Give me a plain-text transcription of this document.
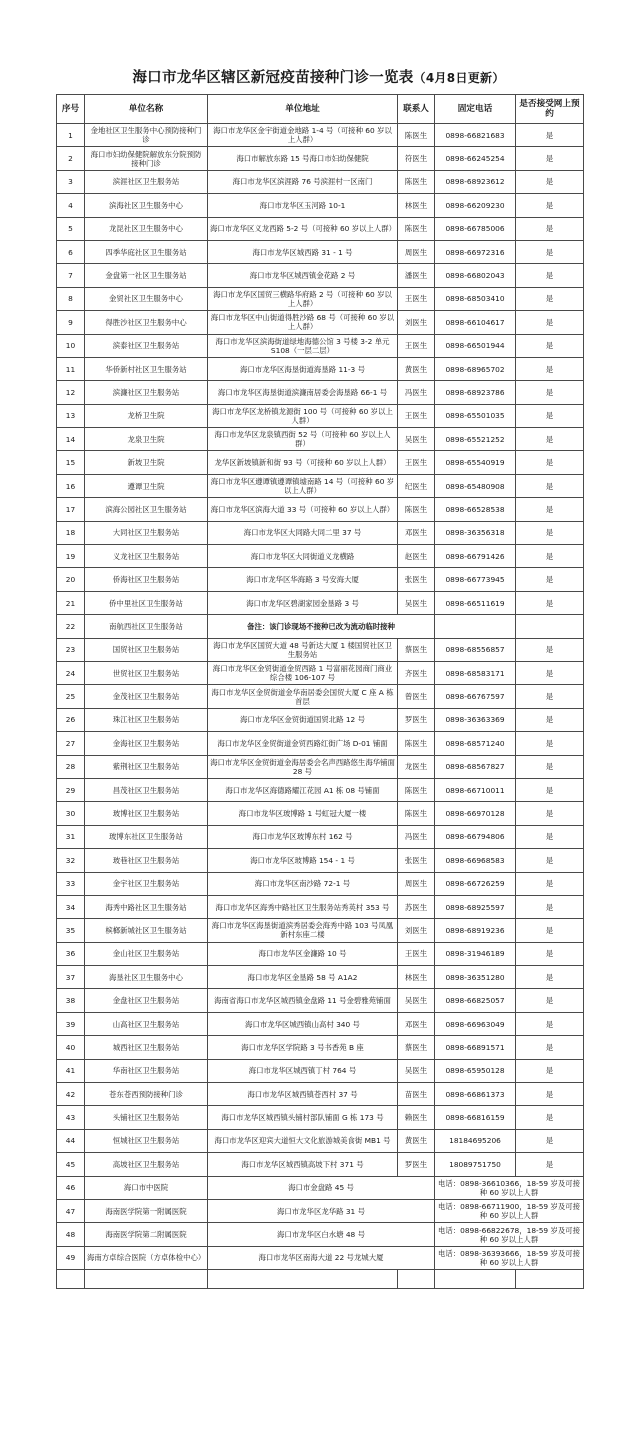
海口市龙华区辖区新冠疫苗接种门诊一览表（4月8日更新）
序号	单位名称	单位地址	联系人	固定电话	是否接受网上预约
1	金地社区卫生服务中心预防接种门诊	海口市龙华区金宇街道金地路 1-4 号（可接种 60 岁以上人群）	陈医生	0898-66821683	是
2	海口市妇幼保健院解放东分院预防接种门诊	海口市解放东路 15 号海口市妇幼保健院	符医生	0898-66245254	是
3	滨涯社区卫生服务站	海口市龙华区滨涯路 76 号滨涯村一区南门	陈医生	0898-68923612	是
4	滨海社区卫生服务中心	海口市龙华区玉河路 10-1	林医生	0898-66209230	是
5	龙昆社区卫生服务中心	海口市龙华区义龙西路 5-2 号（可接种 60 岁以上人群）	陈医生	0898-66785006	是
6	四季华庭社区卫生服务站	海口市龙华区城西路 31 - 1 号	周医生	0898-66972316	是
7	金盘第一社区卫生服务站	海口市龙华区城西镇金花路 2 号	潘医生	0898-66802043	是
8	金贸社区卫生服务中心	海口市龙华区国贸三横路华府路 2 号（可接种 60 岁以上人群）	王医生	0898-68503410	是
9	得胜沙社区卫生服务中心	海口市龙华区中山街道得胜沙路 68 号（可接种 60 岁以上人群）	刘医生	0898-66104617	是
10	滨泰社区卫生服务站	海口市龙华区滨海街道绿地海德公馆 3 号楼 3-2 单元 S108（一层二层）	王医生	0898-66501944	是
11	华侨新村社区卫生服务站	海口市龙华区海垦街道海垦路 11-3 号	黄医生	0898-68965702	是
12	滨濂社区卫生服务站	海口市龙华区海垦街道滨濂南居委会海垦路 66-1 号	冯医生	0898-68923786	是
13	龙桥卫生院	海口市龙华区龙桥镇龙源街 100 号（可接种 60 岁以上人群）	王医生	0898-65501035	是
14	龙泉卫生院	海口市龙华区龙泉镇西街 52 号（可接种 60 岁以上人群）	吴医生	0898-65521252	是
15	新坡卫生院	龙华区新坡镇新和街 93 号（可接种 60 岁以上人群）	王医生	0898-65540919	是
16	遵谭卫生院	海口市龙华区遵谭镇遵谭镇墟南路 14 号（可接种 60 岁以上人群）	纪医生	0898-65480908	是
17	滨海公园社区卫生服务站	海口市龙华区滨海大道 33 号（可接种 60 岁以上人群）	陈医生	0898-66528538	是
18	大同社区卫生服务站	海口市龙华区大同路大同二里 37 号	邓医生	0898-36356318	是
19	义龙社区卫生服务站	海口市龙华区大同街道义龙横路	赵医生	0898-66791426	是
20	侨海社区卫生服务站	海口市龙华区华海路 3 号安海大厦	张医生	0898-66773945	是
21	侨中里社区卫生服务站	海口市龙华区碧湖家园金垦路 3 号	吴医生	0898-66511619	是
22	南航西社区卫生服务站	备注：该门诊现场不接种已改为流动临时接种			
23	国贸社区卫生服务站	海口市龙华区国贸大道 48 号新达大厦 1 楼国贸社区卫生服务站	蔡医生	0898-68556857	是
24	世贸社区卫生服务站	海口市龙华区金贸街道金贸西路 1 号富丽花园商门商业综合楼 106-107 号	齐医生	0898-68583171	是
25	金茂社区卫生服务站	海口市龙华区金贸街道金华南居委会国贸大厦 C 座 A 栋首层	曾医生	0898-66767597	是
26	珠江社区卫生服务站	海口市龙华区金贸街道国贸北路 12 号	罗医生	0898-36363369	是
27	金海社区卫生服务站	海口市龙华区金贸街道金贸西路红街广场 D-01 铺面	陈医生	0898-68571240	是
28	紫荆社区卫生服务站	海口市龙华区金贸街道金海居委会名声西路悠生海华铺面 28 号	龙医生	0898-68567827	是
29	昌茂社区卫生服务站	海口市龙华区海德路耀江花园 A1 栋 08 号铺面	陈医生	0898-66710011	是
30	玻博社区卫生服务站	海口市龙华区玻博路 1 号虹冠大厦一楼	陈医生	0898-66970128	是
31	玻博东社区卫生服务站	海口市龙华区玻博东村 162 号	冯医生	0898-66794806	是
32	玻巷社区卫生服务站	海口市龙华区玻博路 154 - 1 号	张医生	0898-66968583	是
33	金宇社区卫生服务站	海口市龙华区南沙路 72-1 号	周医生	0898-66726259	是
34	海秀中路社区卫生服务站	海口市龙华区海秀中路社区卫生服务站秀英村 353 号	苏医生	0898-68925597	是
35	槟榔新城社区卫生服务站	海口市龙华区海垦街道滨秀居委会海秀中路 103 号凤凰新村东座二楼	刘医生	0898-68919236	是
36	金山社区卫生服务站	海口市龙华区金濂路 10 号	王医生	0898-31946189	是
37	海垦社区卫生服务中心	海口市龙华区金垦路 58 号 A1A2	林医生	0898-36351280	是
38	金盘社区卫生服务站	海南省海口市龙华区城西镇金盘路 11 号金碧雅苑铺面	吴医生	0898-66825057	是
39	山高社区卫生服务站	海口市龙华区城西镇山高村 340 号	邓医生	0898-66963049	是
40	城西社区卫生服务站	海口市龙华区学院路 3 号书香苑 B 座	蔡医生	0898-66891571	是
41	华南社区卫生服务站	海口市龙华区城西镇丁村 764 号	吴医生	0898-65950128	是
42	苍东苍西预防接种门诊	海口市龙华区城西镇苍西村 37 号	苗医生	0898-66861373	是
43	头铺社区卫生服务站	海口市龙华区城西镇头铺村部队铺面 G 栋 173 号	赖医生	0898-66816159	是
44	恒城社区卫生服务站	海口市龙华区迎宾大道恒大文化旅游城美食街 MB1 号	黄医生	18184695206	是
45	高坡社区卫生服务站	海口市龙华区城西镇高坡下村 371 号	罗医生	18089751750	是
46	海口市中医院	海口市金盘路 45 号		电话：0898-36610366，18-59 岁及可接种 60 岁以上人群	
47	海南医学院第一附属医院	海口市龙华区龙华路 31 号		电话：0898-66711900，18-59 岁及可接种 60 岁以上人群	
48	海南医学院第二附属医院	海口市龙华区白水塘 48 号		电话：0898-66822678，18-59 岁及可接种 60 岁以上人群	
49	海南方卓综合医院（方卓体检中心）	海口市龙华区南海大道 22 号龙城大厦		电话：0898-36393666，18-59 岁及可接种 60 岁以上人群	
